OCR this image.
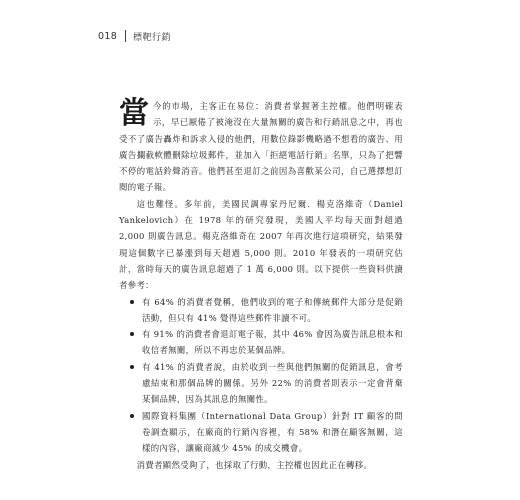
018 標靶行銷

當今的市場，主客正在易位：消費者掌握著主控權。他們明確表示，早已厭倦了被淹沒在大量無關的廣告和行銷訊息之中，再也受不了廣告轟炸和訴求入侵的他們，用數位錄影機略過不想看的廣告、用廣告攔截軟體刪除垃圾郵件，並加入「拒絕電話行銷」名單，只為了把響不停的電話鈴聲消音。他們甚至退訂之前因為喜歡某公司，自己選擇想訂閱的電子報。

這也難怪。多年前，美國民調專家丹尼爾．楊克洛維奇（Daniel Yankelovich）在 1978 年的研究發現，美國人平均每天面對超過 2,000 則廣告訊息。楊克洛維奇在 2007 年再次進行這項研究，結果發現這個數字已暴漲到每天超過 5,000 則。2010 年發表的一項研究估計，當時每天的廣告訊息超過了 1 萬 6,000 則。以下提供一些資料供讀者參考：

有 64% 的消費者覺稱，他們收到的電子和傳統郵件大部分是促銷活動，但只有 41% 覺得這些郵件非讀不可。
有 91% 的消費者會退訂電子報，其中 46% 會因為廣告訊息根本和收信者無關，所以不再忠於某個品牌。
有 41% 的消費者說，由於收到一些與他們無關的促銷訊息，會考慮結束和那個品牌的關係。另外 22% 的消費者則表示一定會背棄某個品牌，因為其訊息的無關性。
國際資料集團（International Data Group）針對 IT 顧客的問卷調查顯示，在廠商的行銷內容裡，有 58% 和潛在顧客無關，這樣的內容，讓廠商減少 45% 的成交機會。

消費者顯然受夠了，也採取了行動，主控權也因此正在轉移。
